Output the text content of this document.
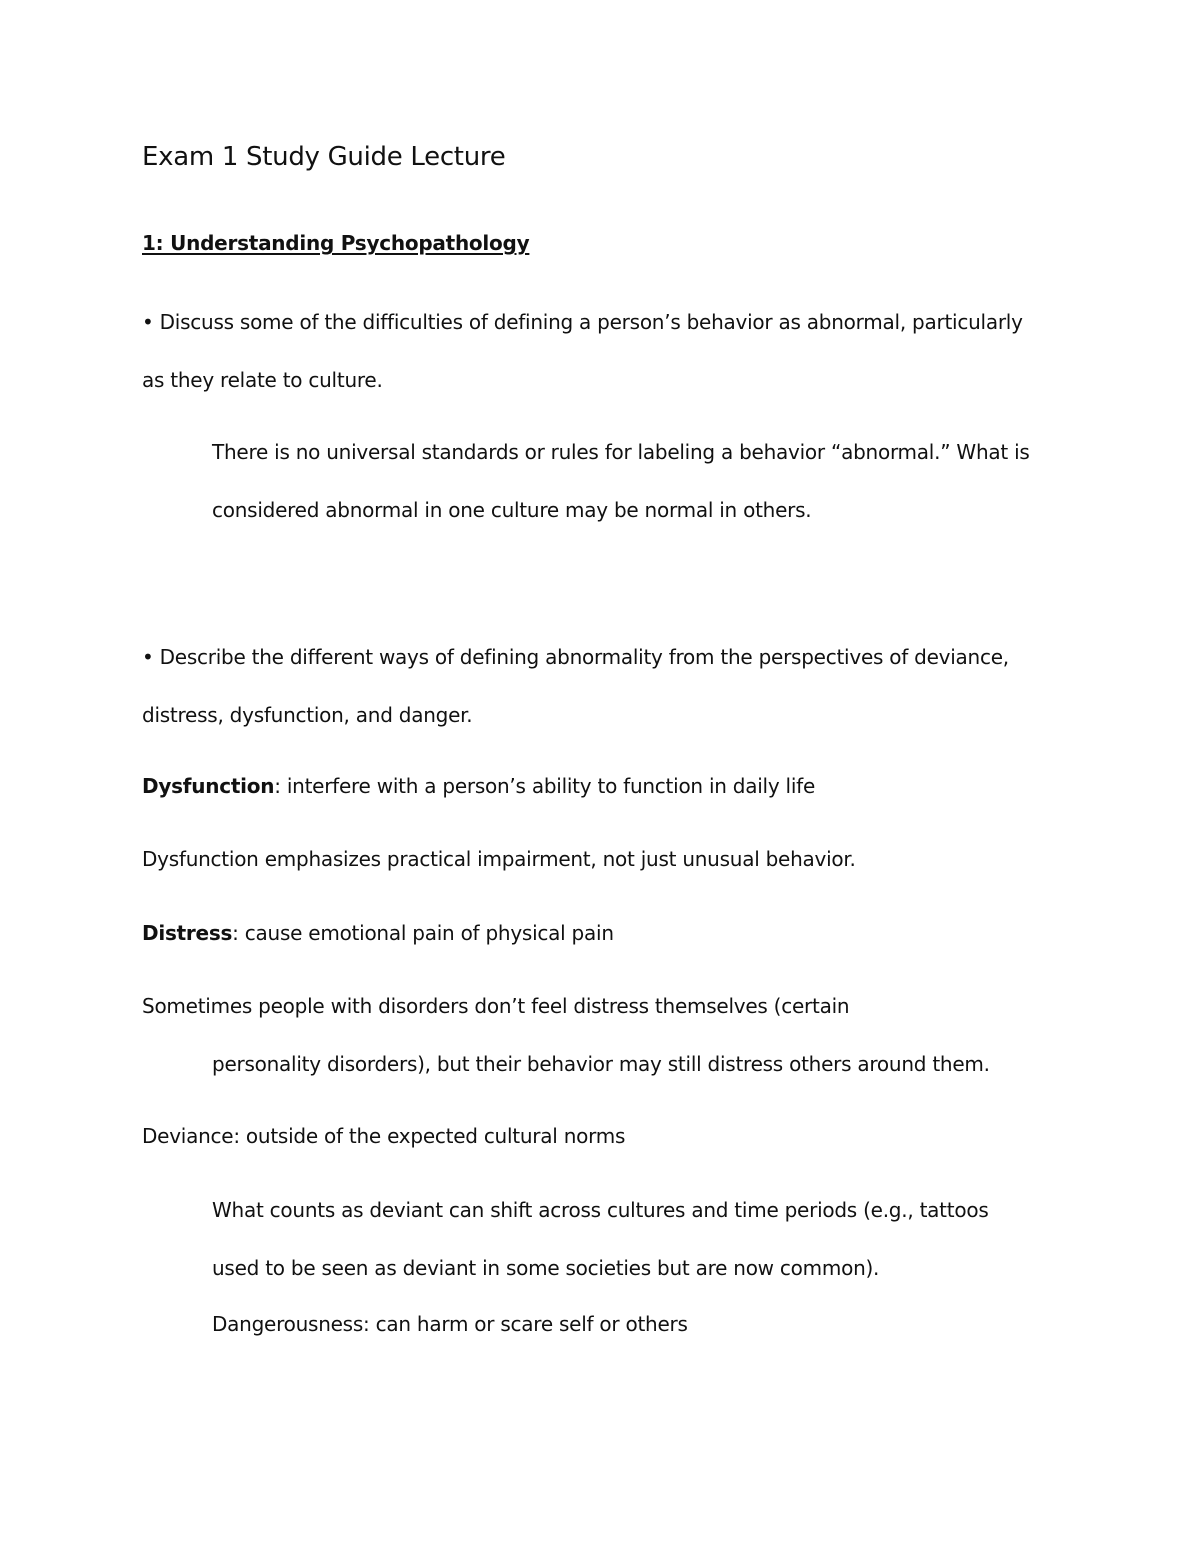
Exam 1 Study Guide Lecture
1: Understanding Psychopathology
• Discuss some of the difficulties of defining a person’s behavior as abnormal, particularly
as they relate to culture.
There is no universal standards or rules for labeling a behavior “abnormal.” What is
considered abnormal in one culture may be normal in others.
• Describe the different ways of defining abnormality from the perspectives of deviance,
distress, dysfunction, and danger.
Dysfunction: interfere with a person’s ability to function in daily life
Dysfunction emphasizes practical impairment, not just unusual behavior.
Distress: cause emotional pain of physical pain
Sometimes people with disorders don’t feel distress themselves (certain
personality disorders), but their behavior may still distress others around them.
Deviance: outside of the expected cultural norms
What counts as deviant can shift across cultures and time periods (e.g., tattoos
used to be seen as deviant in some societies but are now common).
Dangerousness: can harm or scare self or others
